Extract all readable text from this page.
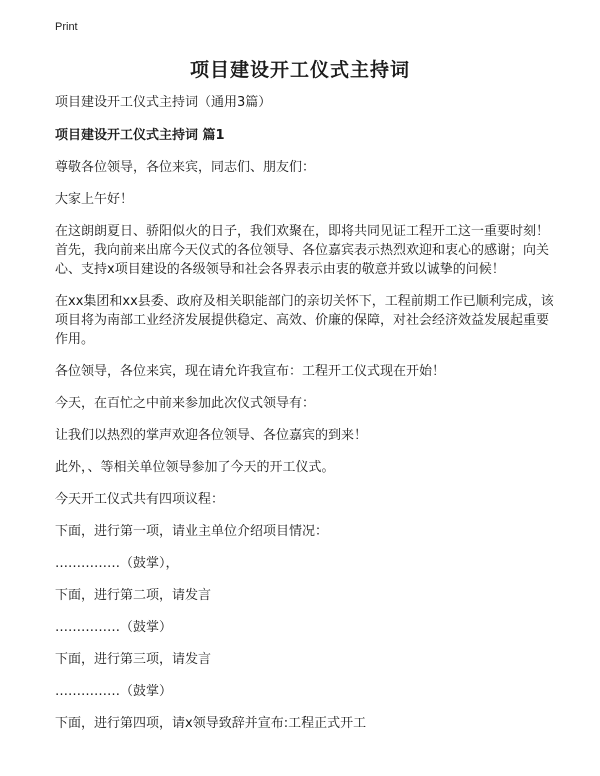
Print
项目建设开工仪式主持词

项目建设开工仪式主持词（通用3篇）

项目建设开工仪式主持词 篇1

尊敬各位领导，各位来宾，同志们、朋友们：

大家上午好！

在这朗朗夏日、骄阳似火的日子，我们欢聚在，即将共同见证工程开工这一重要时刻！首先，我向前来出席今天仪式的各位领导、各位嘉宾表示热烈欢迎和衷心的感谢；向关心、支持x项目建设的各级领导和社会各界表示由衷的敬意并致以诚挚的问候！

在xx集团和xx县委、政府及相关职能部门的亲切关怀下，工程前期工作已顺利完成，该项目将为南部工业经济发展提供稳定、高效、价廉的保障，对社会经济效益发展起重要作用。

各位领导，各位来宾，现在请允许我宣布：工程开工仪式现在开始！

今天，在百忙之中前来参加此次仪式领导有：

让我们以热烈的掌声欢迎各位领导、各位嘉宾的到来！

此外，、等相关单位领导参加了今天的开工仪式。

今天开工仪式共有四项议程：

下面，进行第一项，请业主单位介绍项目情况：

……………（鼓掌），

下面，进行第二项，请发言

……………（鼓掌）

下面，进行第三项，请发言

……………（鼓掌）

下面，进行第四项，请x领导致辞并宣布:工程正式开工
